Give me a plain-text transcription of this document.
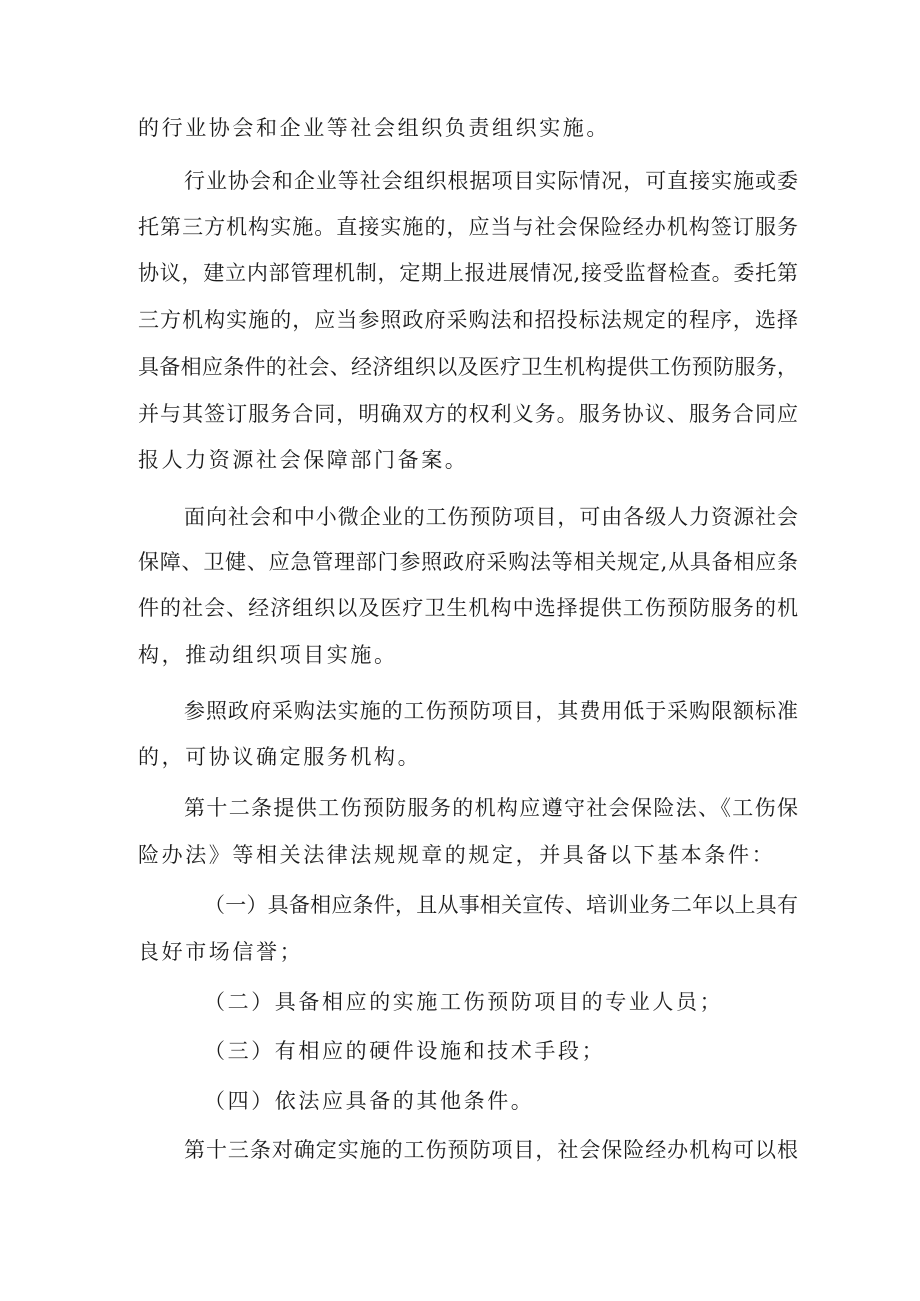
的行业协会和企业等社会组织负责组织实施。
行业协会和企业等社会组织根据项目实际情况，可直接实施或委
托第三方机构实施。直接实施的，应当与社会保险经办机构签订服务
协议，建立内部管理机制，定期上报进展情况,接受监督检查。委托第
三方机构实施的，应当参照政府采购法和招投标法规定的程序，选择
具备相应条件的社会、经济组织以及医疗卫生机构提供工伤预防服务，
并与其签订服务合同，明确双方的权利义务。服务协议、服务合同应
报人力资源社会保障部门备案。
面向社会和中小微企业的工伤预防项目，可由各级人力资源社会
保障、卫健、应急管理部门参照政府采购法等相关规定,从具备相应条
件的社会、经济组织以及医疗卫生机构中选择提供工伤预防服务的机
构，推动组织项目实施。
参照政府采购法实施的工伤预防项目，其费用低于采购限额标准
的，可协议确定服务机构。
第十二条提供工伤预防服务的机构应遵守社会保险法、《工伤保
险办法》等相关法律法规规章的规定，并具备以下基本条件：
（一）具备相应条件，且从事相关宣传、培训业务二年以上具有
良好市场信誉；
（二）具备相应的实施工伤预防项目的专业人员；
（三）有相应的硬件设施和技术手段；
（四）依法应具备的其他条件。
第十三条对确定实施的工伤预防项目，社会保险经办机构可以根
